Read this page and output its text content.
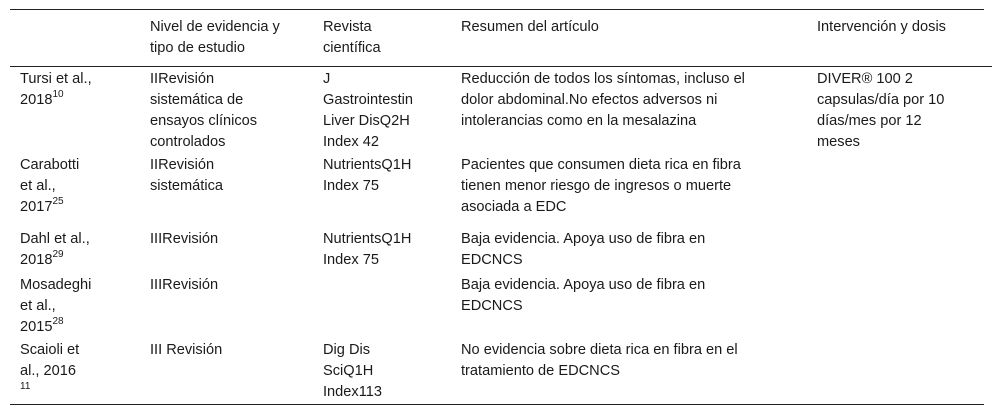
	Nivel de evidencia y
tipo de estudio	Revista
científica	Resumen del artículo	Intervención y dosis
Tursi et al.,
2018$^{10}$	IIRevisión
sistemática de
ensayos clínicos
controlados	J
Gastrointestin
Liver DisQ2H
Index 42	Reducción de todos los síntomas, incluso el
dolor abdominal.No efectos adversos ni
intolerancias como en la mesalazina	DIVER® 100 2
capsulas/día por 10
días/mes por 12
meses
Carabotti
et al.,
2017$^{25}$	IIRevisión
sistemática	NutrientsQ1H
Index 75	Pacientes que consumen dieta rica en fibra
tienen menor riesgo de ingresos o muerte
asociada a EDC	
Dahl et al.,
2018$^{29}$	IIIRevisión	NutrientsQ1H
Index 75	Baja evidencia. Apoya uso de fibra en
EDCNCS	
Mosadeghi
et al.,
2015$^{28}$	IIIRevisión		Baja evidencia. Apoya uso de fibra en
EDCNCS	
Scaioli et
al., 2016
$^{11}$	III Revisión	Dig Dis
SciQ1H
Index113	No evidencia sobre dieta rica en fibra en el
tratamiento de EDCNCS	
